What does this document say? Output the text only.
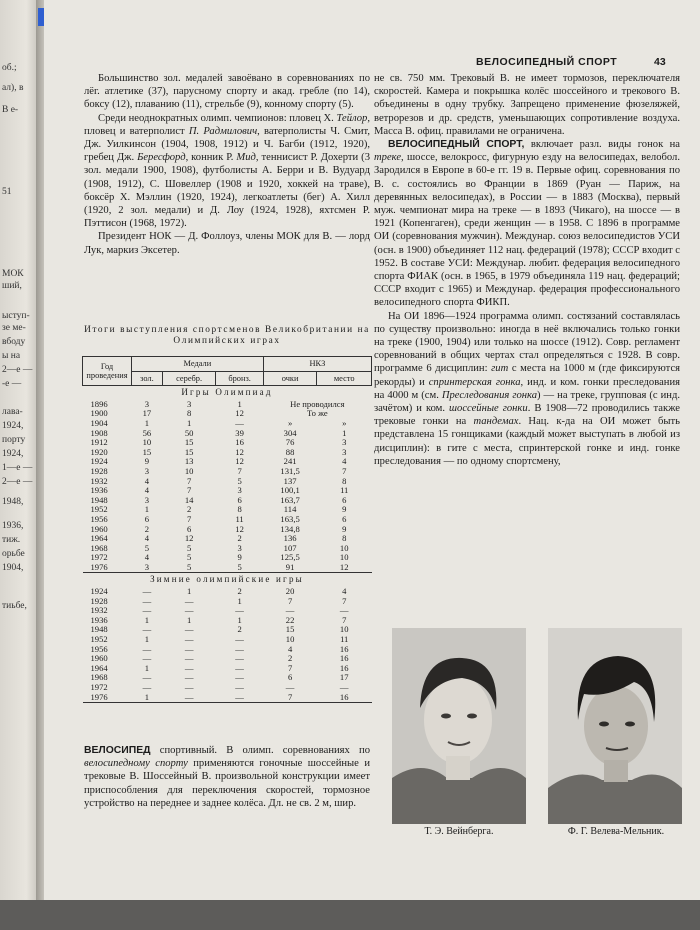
об.;
ал), в
В е-
51
МОК
ший,
ыступ-
зе ме-
вбоду
ы на
2—е —
-е —
лава-
1924,
порту
1924,
1—е —
2—е —
1948,
1936,
тиж.
орьбе
1904,
тиьбе,
ВЕЛОСИПЕДНЫЙ СПОРТ	43

Большинство зол. медалей завоёвано в соревнованиях по лёг. атлетике (37), парусному спорту и акад. гребле (по 14), боксу (12), плаванию (11), стрельбе (9), конному спорту (5).

Среди неоднократных олимп. чемпионов: пловец Х. Тейлор, пловец и ватерполист П. Радмилович, ватерполисты Ч. Смит, Дж. Уилкинсон (1904, 1908, 1912) и Ч. Багби (1912, 1920), гребец Дж. Бересфорд, конник Р. Мид, теннисист Р. Дохерти (3 зол. медали 1900, 1908), футболисты А. Берри и В. Вудуард (1908, 1912), С. Шовеллер (1908 и 1920, хоккей на траве), боксёр Х. Мэллин (1920, 1924), легкоатлеты (бег) А. Хилл (1920, 2 зол. медали) и Д. Лоу (1924, 1928), яхтсмен Р. Пэттисон (1968, 1972).

Президент НОК — Д. Фоллоуз, члены МОК для В. — лорд Лук, маркиз Эксетер.

Итоги выступления спортсменов Великобритании на Олимпийских играх
Год проведения	Медали			НКЗ	
	зол.	серебр.	бронз.	очки	место
Игры Олимпиад					
1896	3	3	1	Не проводился	
1900	17	8	12	То же	
1904	1	1	—	»	»
1908	56	50	39	304	1
1912	10	15	16	76	3
1920	15	15	12	88	3
1924	9	13	12	241	4
1928	3	10	7	131,5	7
1932	4	7	5	137	8
1936	4	7	3	100,1	11
1948	3	14	6	163,7	6
1952	1	2	8	114	9
1956	6	7	11	163,5	6
1960	2	6	12	134,8	9
1964	4	12	2	136	8
1968	5	5	3	107	10
1972	4	5	9	125,5	10
1976	3	5	5	91	12
Зимние олимпийские игры					
1924	—	1	2	20	4
1928	—	—	1	7	7
1932	—	—	—	—	—
1936	1	1	1	22	7
1948	—	—	2	15	10
1952	1	—	—	10	11
1956	—	—	—	4	16
1960	—	—	—	2	16
1964	1	—	—	7	16
1968	—	—	—	6	17
1972	—	—	—	—	—
1976	1	—	—	7	16

ВЕЛОСИПЕД спортивный. В олимп. соревнованиях по велосипедному спорту применяются гоночные шоссейные и трековые В. Шоссейный В. произвольной конструкции имеет приспособления для переключения скоростей, тормозное устройство на переднее и заднее колёса. Дл. не св. 2 м, шир.

не св. 750 мм. Трековый В. не имеет тормозов, переключателя скоростей. Камера и покрышка колёс шоссейного и трекового В. объединены в одну трубку. Запрещено применение фюзеляжей, ветрорезов и др. средств, уменьшающих сопротивление воздуха. Масса В. офиц. правилами не ограничена.

ВЕЛОСИПЕДНЫЙ СПОРТ, включает разл. виды гонок на треке, шоссе, велокросс, фигурную езду на велосипедах, велобол. Зародился в Европе в 60-е гг. 19 в. Первые офиц. соревнования по В. с. состоялись во Франции в 1869 (Руан — Париж, на деревянных велосипедах), в России — в 1883 (Москва), первый муж. чемпионат мира на треке — в 1893 (Чикаго), на шоссе — в 1921 (Копенгаген), среди женщин — в 1958. С 1896 в программе ОИ (соревнования мужчин). Междунар. союз велосипедистов УСИ (осн. в 1900) объединяет 112 нац. федераций (1978); СССР входит с 1952. В составе УСИ: Междунар. любит. федерация велосипедного спорта ФИАК (осн. в 1965, в 1979 объединяла 119 нац. федераций; СССР входит с 1965) и Междунар. федерация профессионального велосипедного спорта ФИКП.

На ОИ 1896—1924 программа олимп. состязаний составлялась по существу произвольно: иногда в неё включались только гонки на треке (1900, 1904) или только на шоссе (1912). Совр. регламент соревнований в общих чертах стал определяться с 1928. В совр. программе 6 дисциплин: гит с места на 1000 м (где фиксируются рекорды) и спринтерская гонка, инд. и ком. гонки преследования на 4000 м (см. Преследования гонка) — на треке, групповая (с инд. зачётом) и ком. шоссейные гонки. В 1908—72 проводились также трековые гонки на тандемах. Нац. к-да на ОИ может быть представлена 15 гонщиками (каждый может выступать в любой из дисциплин): в гите с места, спринтерской гонке и инд. гонке преследования — по одному спортсмену,

Т. Э. Вейнберга.	Ф. Г. Велева-Мельник.
